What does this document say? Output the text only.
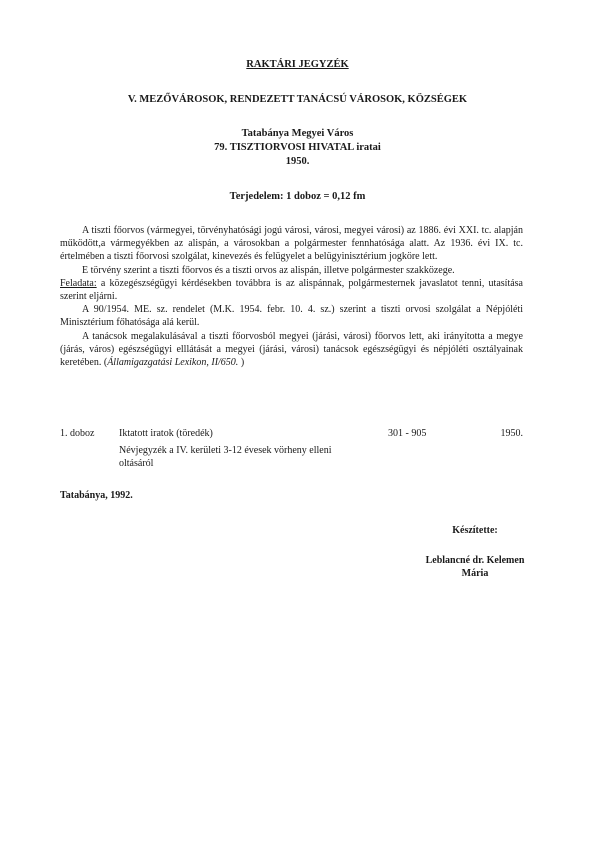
RAKTÁRI JEGYZÉK
V. MEZŐVÁROSOK, RENDEZETT TANÁCSÚ VÁROSOK, KÖZSÉGEK
Tatabánya Megyei Város
79. TISZTIORVOSI HIVATAL iratai
1950.
Terjedelem: 1 doboz = 0,12 fm

A tiszti főorvos (vármegyei, törvényhatósági jogú városi, városi, megyei városi) az 1886. évi XXI. tc. alapján működött,a vármegyékben az alispán, a városokban a polgármester fennhatósága alatt. Az 1936. évi IX. tc. értelmében a tiszti főorvosi szolgálat, kinevezés és felügyelet a belügyinisztérium jogköre lett.

E törvény szerint a tiszti főorvos és a tiszti orvos az alispán, illetve polgármester szakközege.

Feladata: a közegészségügyi kérdésekben továbbra is az alispánnak, polgármesternek javaslatot tenni, utasítása szerint eljárni.

A 90/1954. ME. sz. rendelet (M.K. 1954. febr. 10. 4. sz.) szerint a tiszti orvosi szolgálat a Népjóléti Minisztérium főhatósága alá kerül.

A tanácsok megalakulásával a tiszti főorvosból megyei (járási, városi) főorvos lett, aki irányította a megye (járás, város) egészségügyi elllátását a megyei (járási, városi) tanácsok egészségügyi és népjóléti osztályainak keretében. (Államigazgatási Lexikon, II/650. )

1. doboz Iktatott iratok (töredék)
Névjegyzék a IV. kerületi 3-12 évesek vörheny elleni oltásáról
301 - 905	1950.
Tatabánya, 1992.
Készítette:
Leblancné dr. Kelemen
Mária
